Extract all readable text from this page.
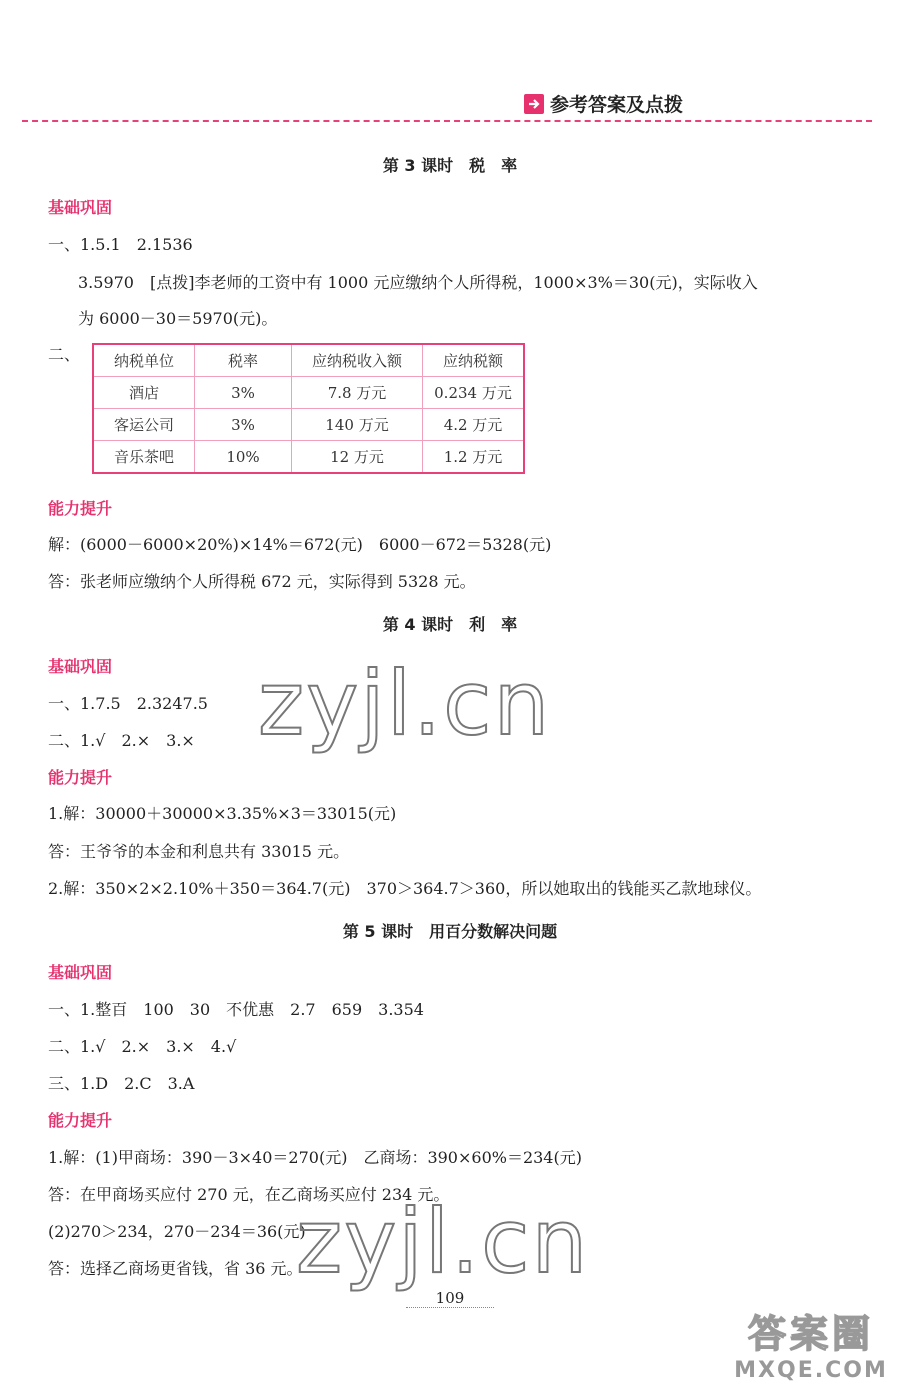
参考答案及点拨
第 3 课时　税　率
基础巩固
一、1.5.1　2.1536
3.5970　[点拨]李老师的工资中有 1000 元应缴纳个人所得税，1000×3%＝30(元)，实际收入
为 6000－30＝5970(元)。
二、 纳税单位	税率	应纳税收入额	应纳税额
酒店	3%	7.8 万元	0.234 万元
客运公司	3%	140 万元	4.2 万元
音乐茶吧	10%	12 万元	1.2 万元
能力提升
解：(6000－6000×20%)×14%＝672(元)　6000－672＝5328(元)
答：张老师应缴纳个人所得税 672 元，实际得到 5328 元。
第 4 课时　利　率
基础巩固
一、1.7.5　2.3247.5
二、1.√　2.×　3.×
能力提升
1.解：30000＋30000×3.35%×3＝33015(元)
答：王爷爷的本金和利息共有 33015 元。
2.解：350×2×2.10%＋350＝364.7(元)　370＞364.7＞360，所以她取出的钱能买乙款地球仪。
第 5 课时　用百分数解决问题
基础巩固
一、1.整百　100　30　不优惠　2.7　659　3.354
二、1.√　2.×　3.×　4.√
三、1.D　2.C　3.A
能力提升
1.解：(1)甲商场：390－3×40＝270(元)　乙商场：390×60%＝234(元)
答：在甲商场买应付 270 元，在乙商场买应付 234 元。
(2)270＞234，270－234＝36(元)
答：选择乙商场更省钱，省 36 元。
zyjl.cn
zyjl.cn
109
答案圈
MXQE.COM
